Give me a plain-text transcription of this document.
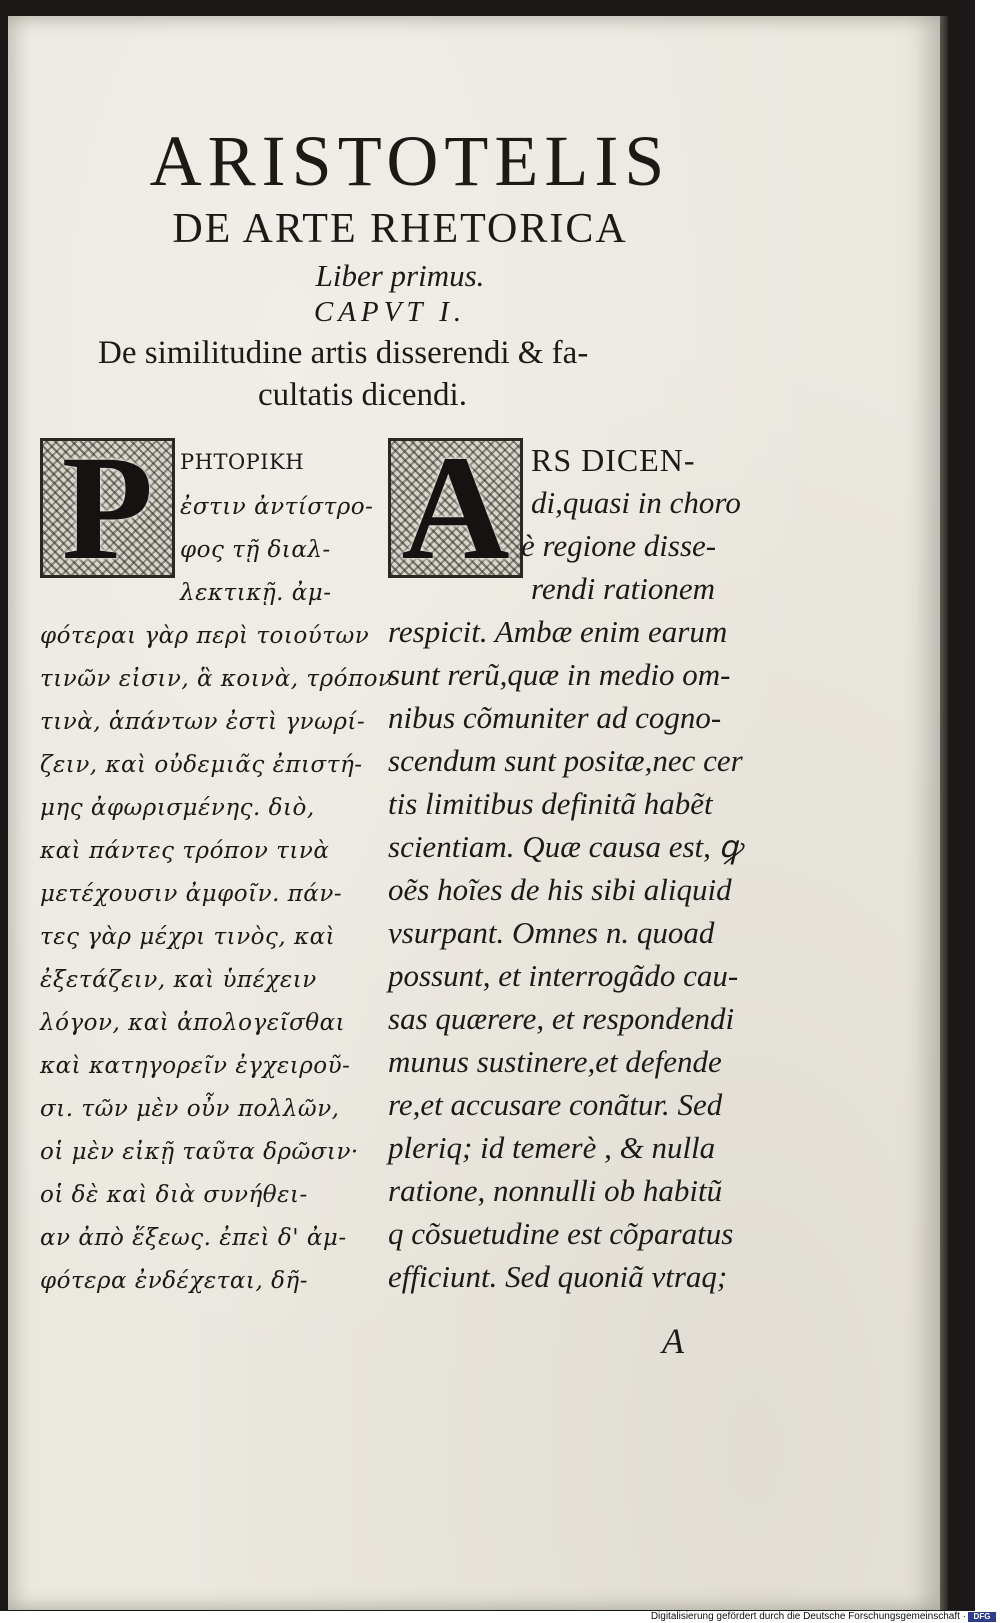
ARISTOTELIS
DE ARTE RHETORICA
Liber primus.
CAPVT I.
De similitudine artis disserendi & fa-
cultatis dicendi.
P A
ΡΗΤΟΡΙΚΗ
ἐστιν ἀντίστρο-
φος τῇ διαλ-
λεκτικῇ. ἀμ-
φότεραι γὰρ περὶ τοιούτων
τινῶν εἰσιν, ἃ κοινὰ, τρόπον
τινὰ, ἁπάντων ἐστὶ γνωρί-
ζειν, καὶ οὐδεμιᾶς ἐπιστή-
μης ἀφωρισμένης. διὸ,
καὶ πάντες τρόπον τινὰ
μετέχουσιν ἀμφοῖν. πάν-
τες γὰρ μέχρι τινὸς, καὶ
ἐξετάζειν, καὶ ὑπέχειν
λόγον, καὶ ἀπολογεῖσθαι
καὶ κατηγορεῖν ἐγχειροῦ-
σι. τῶν μὲν οὖν πολλῶν,
οἱ μὲν εἰκῇ ταῦτα δρῶσιν·
οἱ δὲ καὶ διὰ συνήθει-
αν ἀπὸ ἕξεως. ἐπεὶ δ' ἀμ-
φότερα ἐνδέχεται, δῆ-
RS DICEN-
di,quasi in choro
è regione disse-
rendi rationem
respicit. Ambæ enim earum
sunt rerũ,quæ in medio om-
nibus cõmuniter ad cogno-
scendum sunt positæ,nec cer
tis limitibus definitã habẽt
scientiam. Quæ causa est, ꝙ
oẽs hoĩes de his sibi aliquid
vsurpant. Omnes n. quoad
possunt, et interrogãdo cau-
sas quærere, et respondendi
munus sustinere,et defende
re,et accusare conãtur. Sed
pleriq; id temerè , & nulla
ratione, nonnulli ob habitũ
q cõsuetudine est cõparatus
efficiunt. Sed quoniã vtraq;
A
Digitalisierung gefördert durch die Deutsche Forschungsgemeinschaft · DFG
